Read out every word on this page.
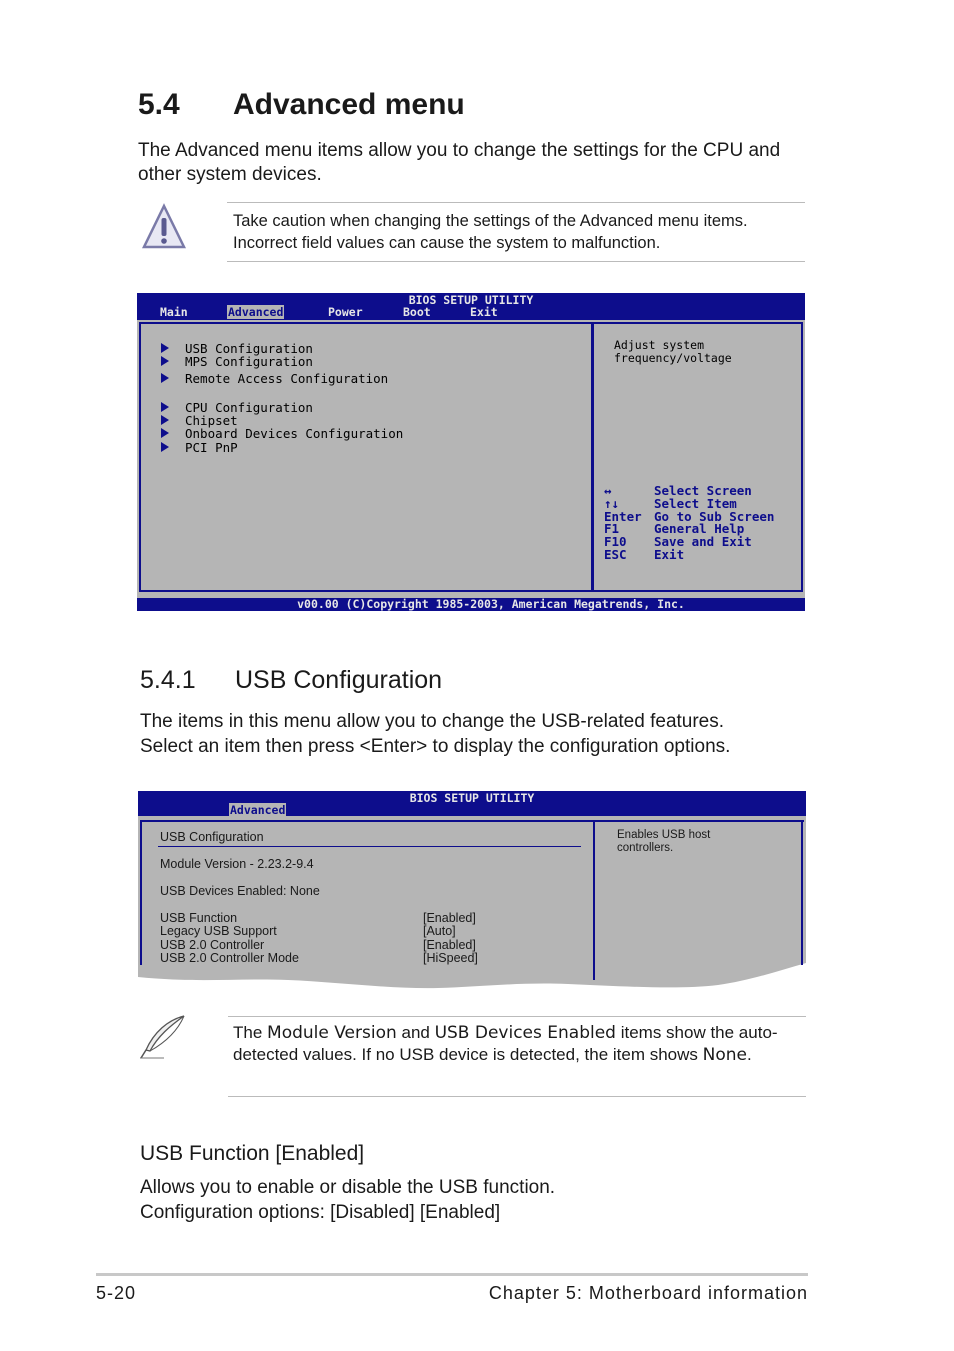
5.4 Advanced menu
The Advanced menu items allow you to change the settings for the CPU and other system devices.
Take caution when changing the settings of the Advanced menu items. Incorrect field values can cause the system to malfunction.
BIOS SETUP UTILITY
Main	Advanced	Power	Boot	Exit
USB Configuration
MPS Configuration
Remote Access Configuration
CPU Configuration
Chipset
Onboard Devices Configuration
PCI PnP
Adjust system
frequency/voltage
↔	Select Screen
↑↓	Select Item
Enter Go to Sub Screen
F1	General Help
F10 Save and Exit
ESC Exit
v00.00 (C)Copyright 1985-2003, American Megatrends, Inc.
5.4.1 USB Configuration
The items in this menu allow you to change the USB-related features.
Select an item then press <Enter> to display the configuration options.
BIOS SETUP UTILITY
Advanced
USB Configuration
Module Version - 2.23.2-9.4
USB Devices Enabled: None
USB Function	[Enabled]
Legacy USB Support	[Auto]
USB 2.0 Controller	[Enabled]
USB 2.0 Controller Mode	[HiSpeed]
Enables USB host
controllers.
The Module Version and USB Devices Enabled items show the auto-detected values. If no USB device is detected, the item shows None.
USB Function [Enabled]
Allows you to enable or disable the USB function.
Configuration options: [Disabled] [Enabled]
5-20	Chapter 5: Motherboard information
